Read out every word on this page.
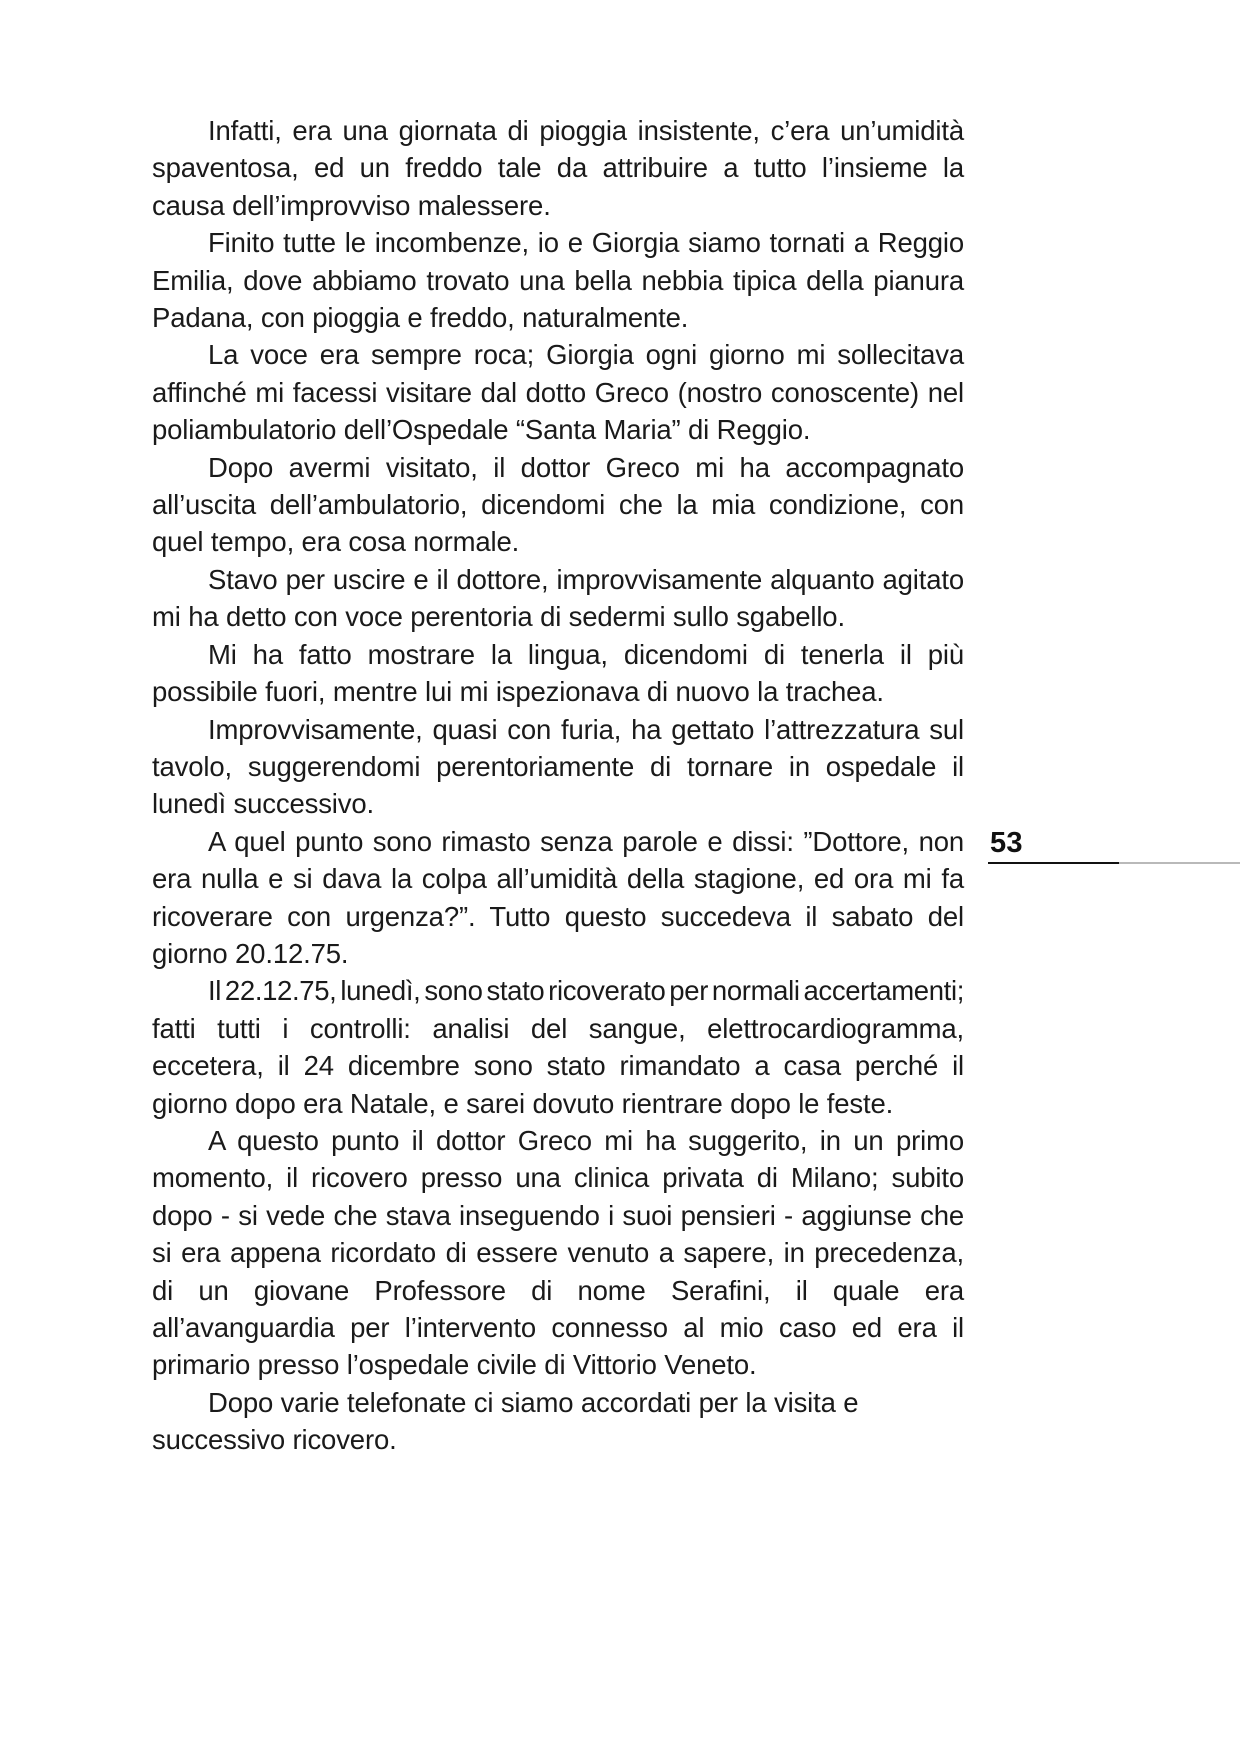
Infatti, era una giornata di pioggia insistente, c’era un’umidità spaventosa, ed un freddo tale da attribuire a tutto l’insieme la causa dell’improvviso malessere.

Finito tutte le incombenze, io e Giorgia siamo tornati a Reggio Emilia, dove abbiamo trovato una bella nebbia tipica della pianura Padana, con pioggia e freddo, naturalmente.

La voce era sempre roca; Giorgia ogni giorno mi sollecitava affinché mi facessi visitare dal dotto Greco (nostro conoscente) nel poliambulatorio dell’Ospedale “Santa Maria” di Reggio.

Dopo avermi visitato, il dottor Greco mi ha accompagnato all’uscita dell’ambulatorio, dicendomi che la mia condizione, con quel tempo, era cosa normale.

Stavo per uscire e il dottore, improvvisamente alquanto agitato mi ha detto con voce perentoria di sedermi sullo sgabello.

Mi ha fatto mostrare la lingua, dicendomi di tenerla il più possibile fuori, mentre lui mi ispezionava di nuovo la trachea.

Improvvisamente, quasi con furia, ha gettato l’attrezzatura sul tavolo, suggerendomi perentoriamente di tornare in ospedale il lunedì successivo.

A quel punto sono rimasto senza parole e dissi: ”Dottore, non era nulla e si dava la colpa all’umidità della stagione, ed ora mi fa ricoverare con urgenza?”. Tutto questo succedeva il sabato del giorno 20.12.75.

Il 22.12.75, lunedì, sono stato ricoverato per normali accertamenti; fatti tutti i controlli: analisi del sangue, elettrocardiogramma, eccetera, il 24 dicembre sono stato rimandato a casa perché il giorno dopo era Natale, e sarei dovuto rientrare dopo le feste.

A questo punto il dottor Greco mi ha suggerito, in un primo momento, il ricovero presso una clinica privata di Milano; subito dopo - si vede che stava inseguendo i suoi pensieri - aggiunse che si era appena ricordato di essere venuto a sapere, in precedenza, di un giovane Professore di nome Serafini, il quale era all’avanguardia per l’intervento connesso al mio caso ed era il primario presso l’ospedale civile di Vittorio Veneto.

Dopo varie telefonate ci siamo accordati per la visita e successivo ricovero.

53
